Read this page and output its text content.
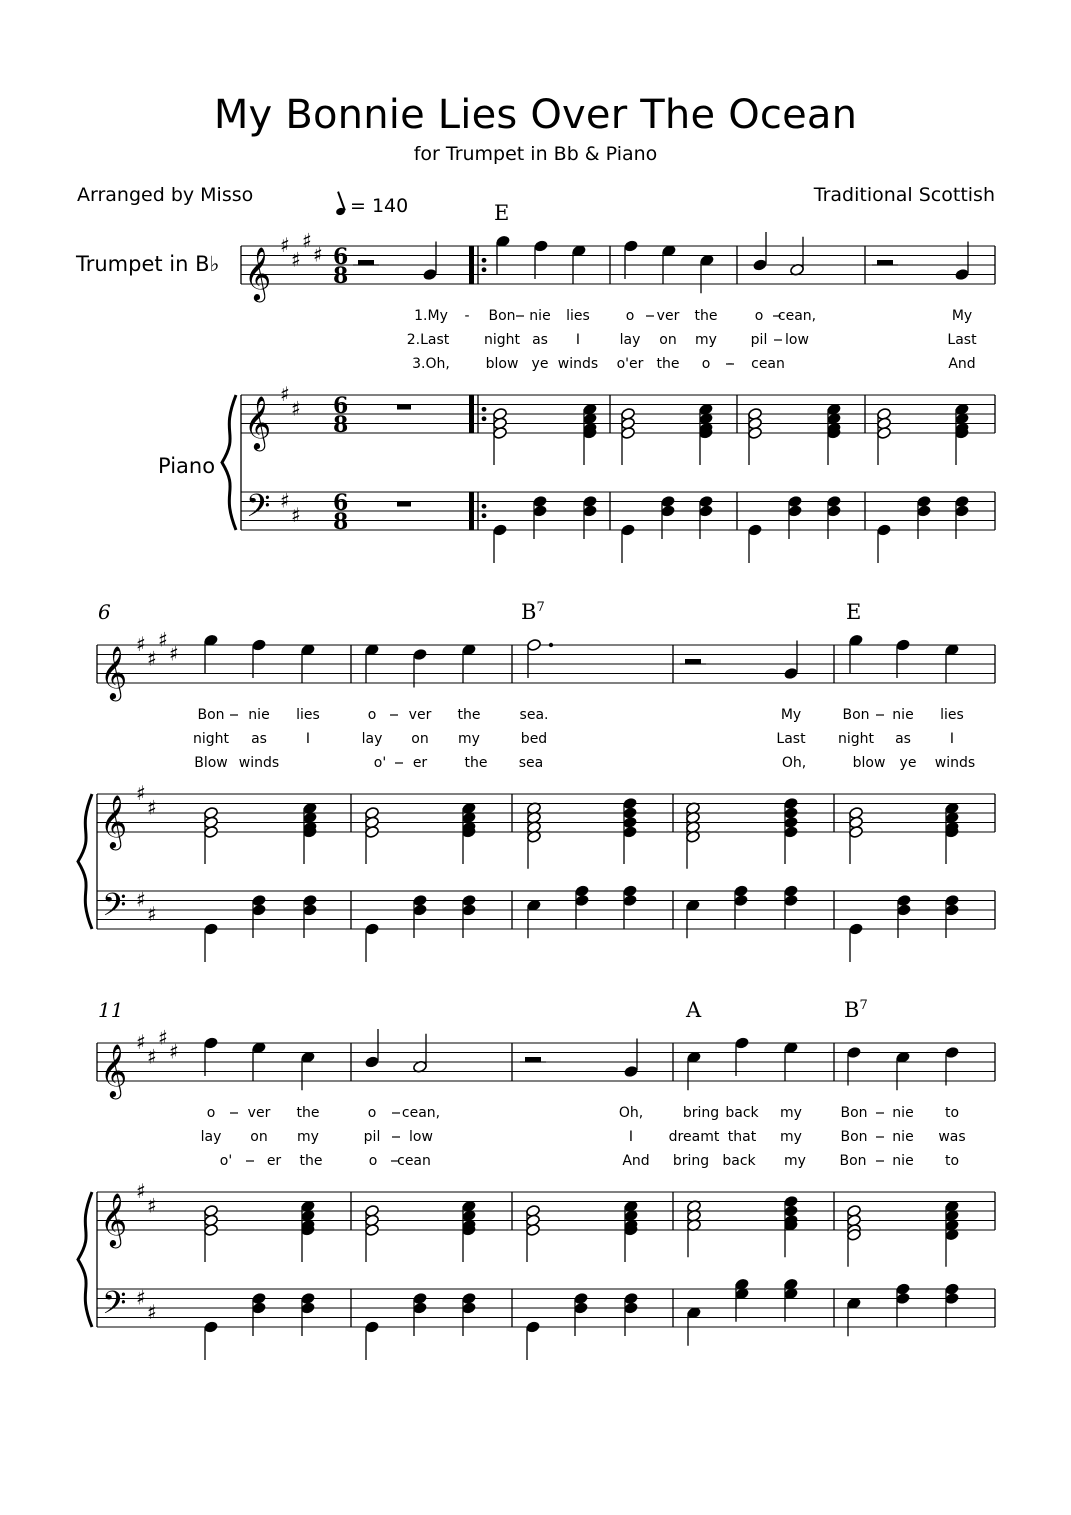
My Bonnie Lies Over The Ocean
for Trumpet in Bb & Piano
Arranged by Misso	Traditional Scottish
= 140
Trumpet in B♭
Piano
6
11
E
$B^7$	E
A	$B^7$
1.My - Bon nie lies	o ver the	o cean,	My
2.Last night as I	lay on my pil low	Last
3.Oh,	blow ye winds o'er the o - cean	And
Bon nie lies	o ver the	sea.	My	Bon nie lies
night as	I	lay on my	bed	Last night as	I
Blow winds	o' er	the sea	Oh,	blow ye winds
o ver the	o cean,	Oh,	bring back my	Bon nie to
lay on my	pil low	I	dreamt that my	Bon nie was
o' er the	o cean	And bring back my Bon nie to
𝄞
♯
♯
♯
♯ 6
8
𝄞
♯
♯ 6
8
𝄢 ♯
♯ 6
8
𝄞
♯
♯
♯
♯
𝄞
♯
♯
𝄢 ♯
♯
𝄞
♯
♯
♯
♯
𝄞
♯
♯
𝄢 ♯
♯
